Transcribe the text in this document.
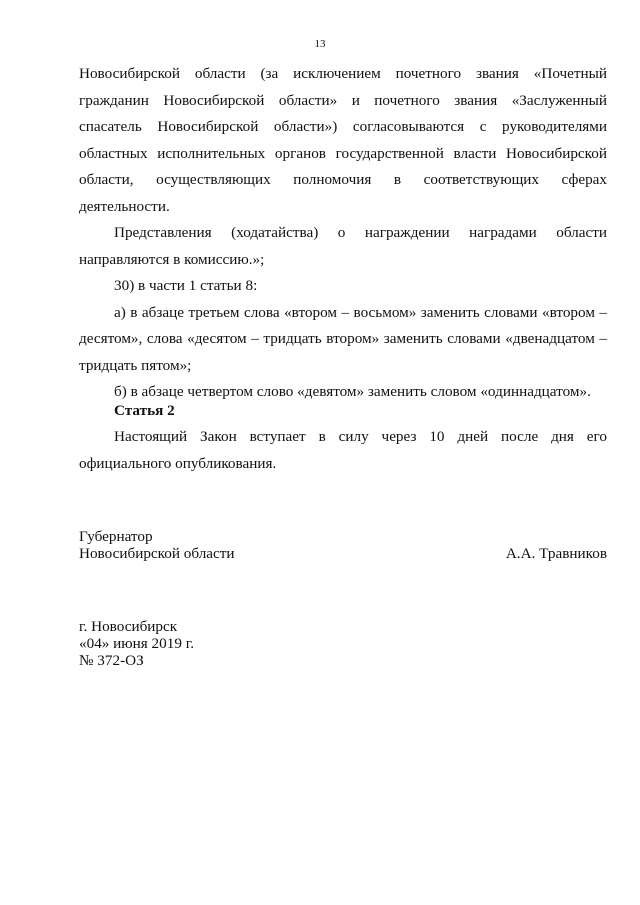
13

Новосибирской области (за исключением почетного звания «Почетный гражданин Новосибирской области» и почетного звания «Заслуженный спасатель Новосибирской области») согласовываются с руководителями областных исполнительных органов государственной власти Новосибирской области, осуществляющих полномочия в соответствующих сферах деятельности.

Представления (ходатайства) о награждении наградами области направляются в комиссию.»;

30) в части 1 статьи 8:

а) в абзаце третьем слова «втором – восьмом» заменить словами «втором – десятом», слова «десятом – тридцать втором» заменить словами «двенадцатом – тридцать пятом»;

б) в абзаце четвертом слово «девятом» заменить словом «одиннадцатом».

Статья 2

Настоящий Закон вступает в силу через 10 дней после дня его официального опубликования.

Губернатор
Новосибирской области	А.А. Травников
г. Новосибирск
«04» июня 2019 г.
№ 372-ОЗ
